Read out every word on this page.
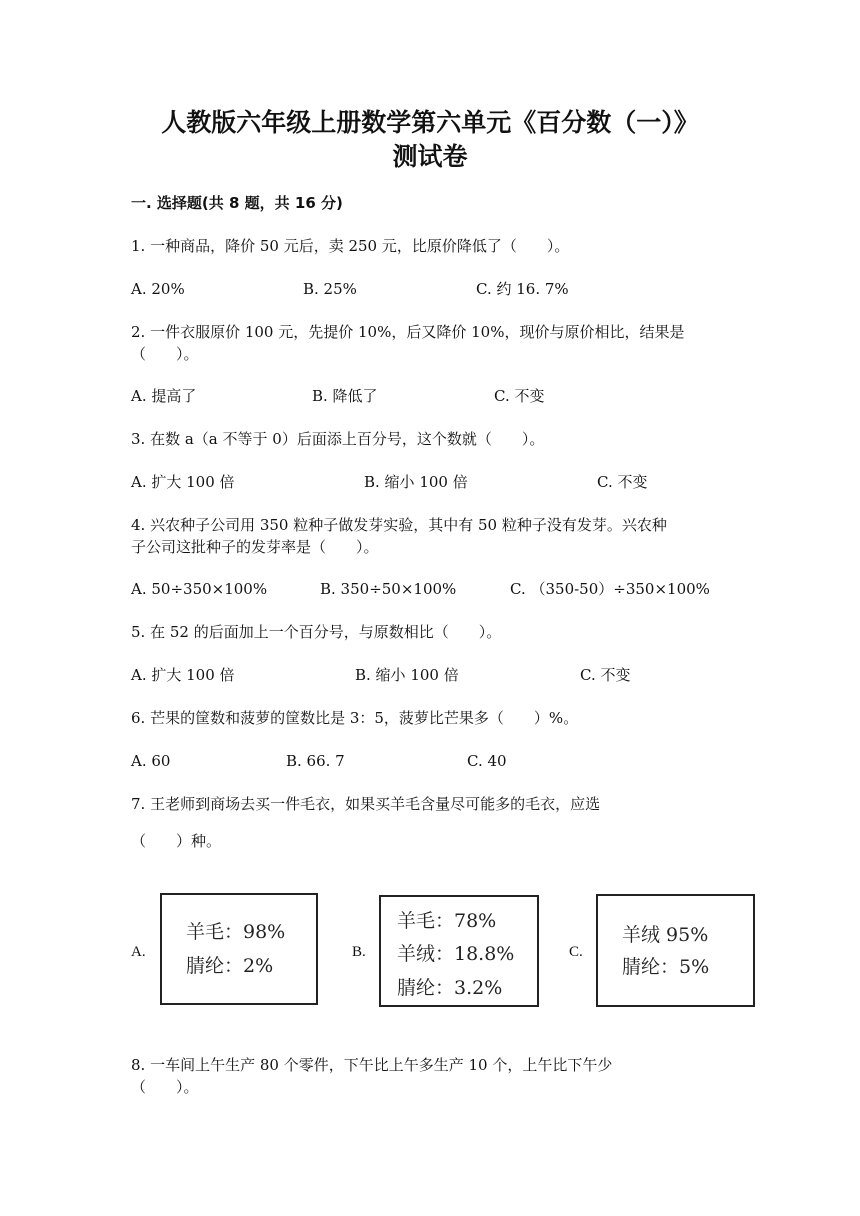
人教版六年级上册数学第六单元《百分数（一）》
测试卷
一. 选择题(共 8 题，共 16 分)
1. 一种商品，降价 50 元后，卖 250 元，比原价降低了（　　）。
A. 20%	B. 25%	C. 约 16. 7%
2. 一件衣服原价 100 元，先提价 10%，后又降价 10%，现价与原价相比，结果是
（　　）。
A. 提高了	B. 降低了	C. 不变
3. 在数 a（a 不等于 0）后面添上百分号，这个数就（　　）。
A. 扩大 100 倍	B. 缩小 100 倍	C. 不变
4. 兴农种子公司用 350 粒种子做发芽实验，其中有 50 粒种子没有发芽。兴农种
子公司这批种子的发芽率是（　　）。
A. 50÷350×100%	B. 350÷50×100%	C. （350-50）÷350×100%
5. 在 52 的后面加上一个百分号，与原数相比（　　）。
A. 扩大 100 倍	B. 缩小 100 倍	C. 不变
6. 芒果的筐数和菠萝的筐数比是 3：5，菠萝比芒果多（　　）%。
A. 60	B. 66. 7	C. 40
7. 王老师到商场去买一件毛衣，如果买羊毛含量尽可能多的毛衣，应选
（　　）种。
A.
羊毛：98%
腈纶：2%
B.
羊毛：78%
羊绒：18.8%
腈纶：3.2%
C.
羊绒 95%
腈纶：5%
8. 一车间上午生产 80 个零件，下午比上午多生产 10 个，上午比下午少
（　　）。
